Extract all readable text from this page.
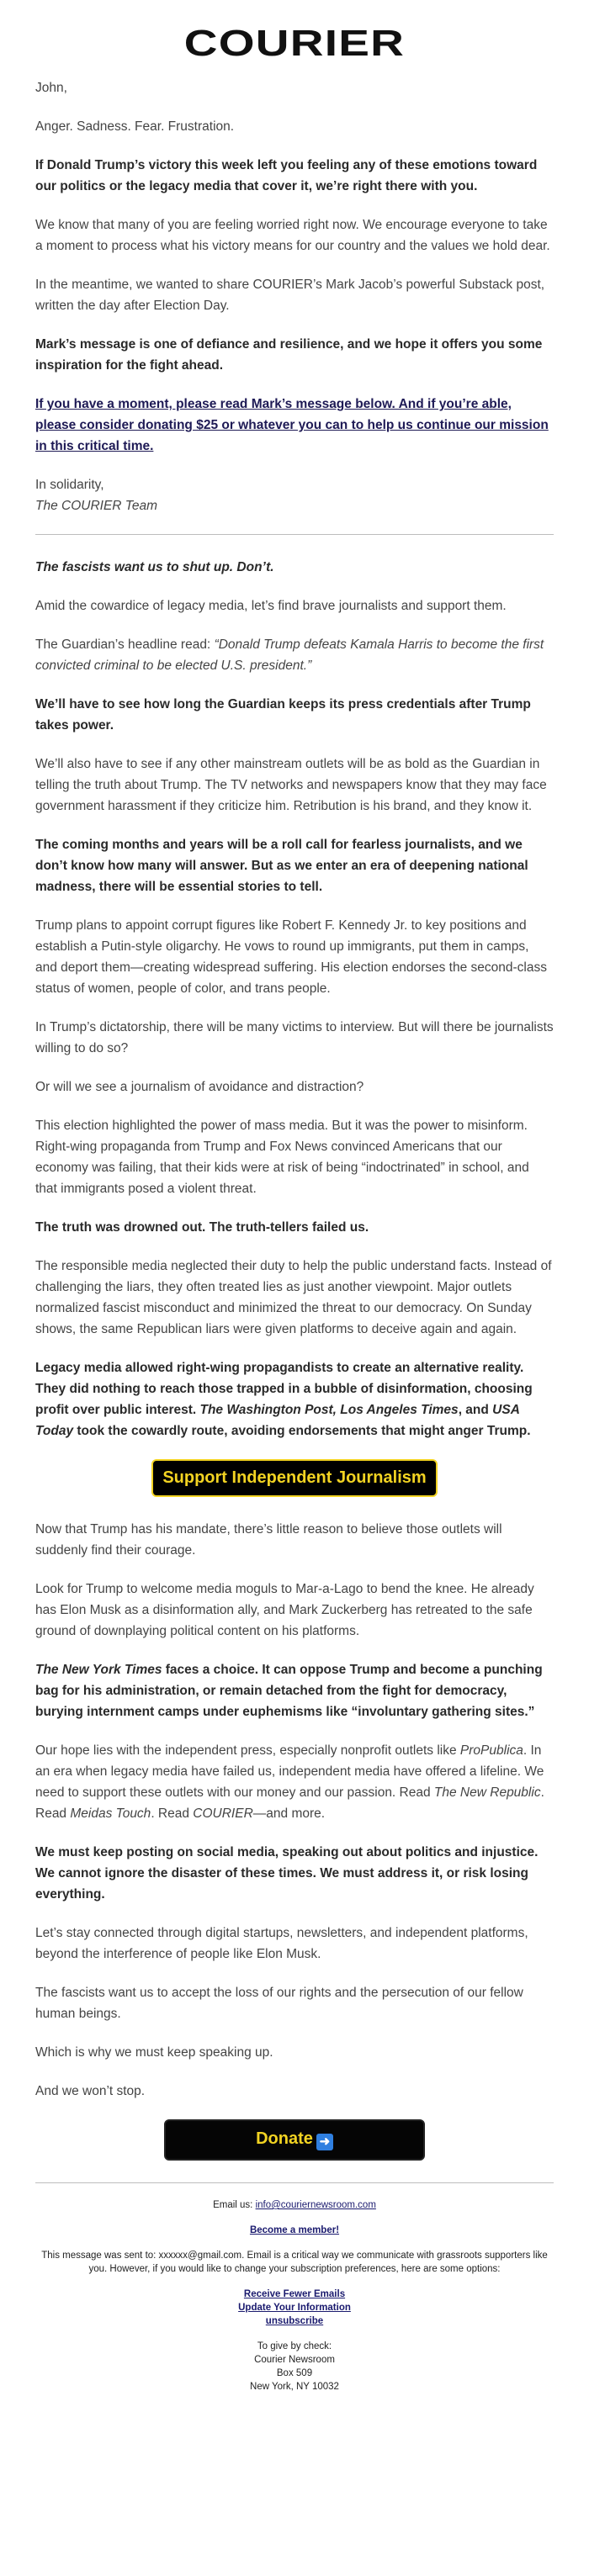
COURIER

John,

Anger. Sadness. Fear. Frustration.

If Donald Trump’s victory this week left you feeling any of these emotions toward our politics or the legacy media that cover it, we’re right there with you.

We know that many of you are feeling worried right now. We encourage everyone to take a moment to process what his victory means for our country and the values we hold dear.

In the meantime, we wanted to share COURIER’s Mark Jacob’s powerful Substack post, written the day after Election Day.

Mark’s message is one of defiance and resilience, and we hope it offers you some inspiration for the fight ahead.

If you have a moment, please read Mark’s message below. And if you’re able, please consider donating $25 or whatever you can to help us continue our mission in this critical time.

In solidarity,
The COURIER Team

The fascists want us to shut up. Don’t.

Amid the cowardice of legacy media, let’s find brave journalists and support them.

The Guardian’s headline read: “Donald Trump defeats Kamala Harris to become the first convicted criminal to be elected U.S. president.”

We’ll have to see how long the Guardian keeps its press credentials after Trump takes power.

We’ll also have to see if any other mainstream outlets will be as bold as the Guardian in telling the truth about Trump. The TV networks and newspapers know that they may face government harassment if they criticize him. Retribution is his brand, and they know it.

The coming months and years will be a roll call for fearless journalists, and we don’t know how many will answer. But as we enter an era of deepening national madness, there will be essential stories to tell.

Trump plans to appoint corrupt figures like Robert F. Kennedy Jr. to key positions and establish a Putin-style oligarchy. He vows to round up immigrants, put them in camps, and deport them—creating widespread suffering. His election endorses the second-class status of women, people of color, and trans people.

In Trump’s dictatorship, there will be many victims to interview. But will there be journalists willing to do so?

Or will we see a journalism of avoidance and distraction?

This election highlighted the power of mass media. But it was the power to misinform. Right-wing propaganda from Trump and Fox News convinced Americans that our economy was failing, that their kids were at risk of being “indoctrinated” in school, and that immigrants posed a violent threat.

The truth was drowned out. The truth-tellers failed us.

The responsible media neglected their duty to help the public understand facts. Instead of challenging the liars, they often treated lies as just another viewpoint. Major outlets normalized fascist misconduct and minimized the threat to our democracy. On Sunday shows, the same Republican liars were given platforms to deceive again and again.

Legacy media allowed right-wing propagandists to create an alternative reality. They did nothing to reach those trapped in a bubble of disinformation, choosing profit over public interest. The Washington Post, Los Angeles Times, and USA Today took the cowardly route, avoiding endorsements that might anger Trump.

Support Independent Journalism

Now that Trump has his mandate, there’s little reason to believe those outlets will suddenly find their courage.

Look for Trump to welcome media moguls to Mar-a-Lago to bend the knee. He already has Elon Musk as a disinformation ally, and Mark Zuckerberg has retreated to the safe ground of downplaying political content on his platforms.

The New York Times faces a choice. It can oppose Trump and become a punching bag for his administration, or remain detached from the fight for democracy, burying internment camps under euphemisms like “involuntary gathering sites.”

Our hope lies with the independent press, especially nonprofit outlets like ProPublica. In an era when legacy media have failed us, independent media have offered a lifeline. We need to support these outlets with our money and our passion. Read The New Republic. Read Meidas Touch. Read COURIER—and more.

We must keep posting on social media, speaking out about politics and injustice. We cannot ignore the disaster of these times. We must address it, or risk losing everything.

Let’s stay connected through digital startups, newsletters, and independent platforms, beyond the interference of people like Elon Musk.

The fascists want us to accept the loss of our rights and the persecution of our fellow human beings.

Which is why we must keep speaking up.

And we won’t stop.

Donate ➜

Email us: info@couriernewsroom.com

Become a member!

This message was sent to: xxxxxx@gmail.com. Email is a critical way we communicate with grassroots supporters like you. However, if you would like to change your subscription preferences, here are some options:

Receive Fewer Emails
Update Your Information
unsubscribe

To give by check:
Courier Newsroom
Box 509
New York, NY 10032
